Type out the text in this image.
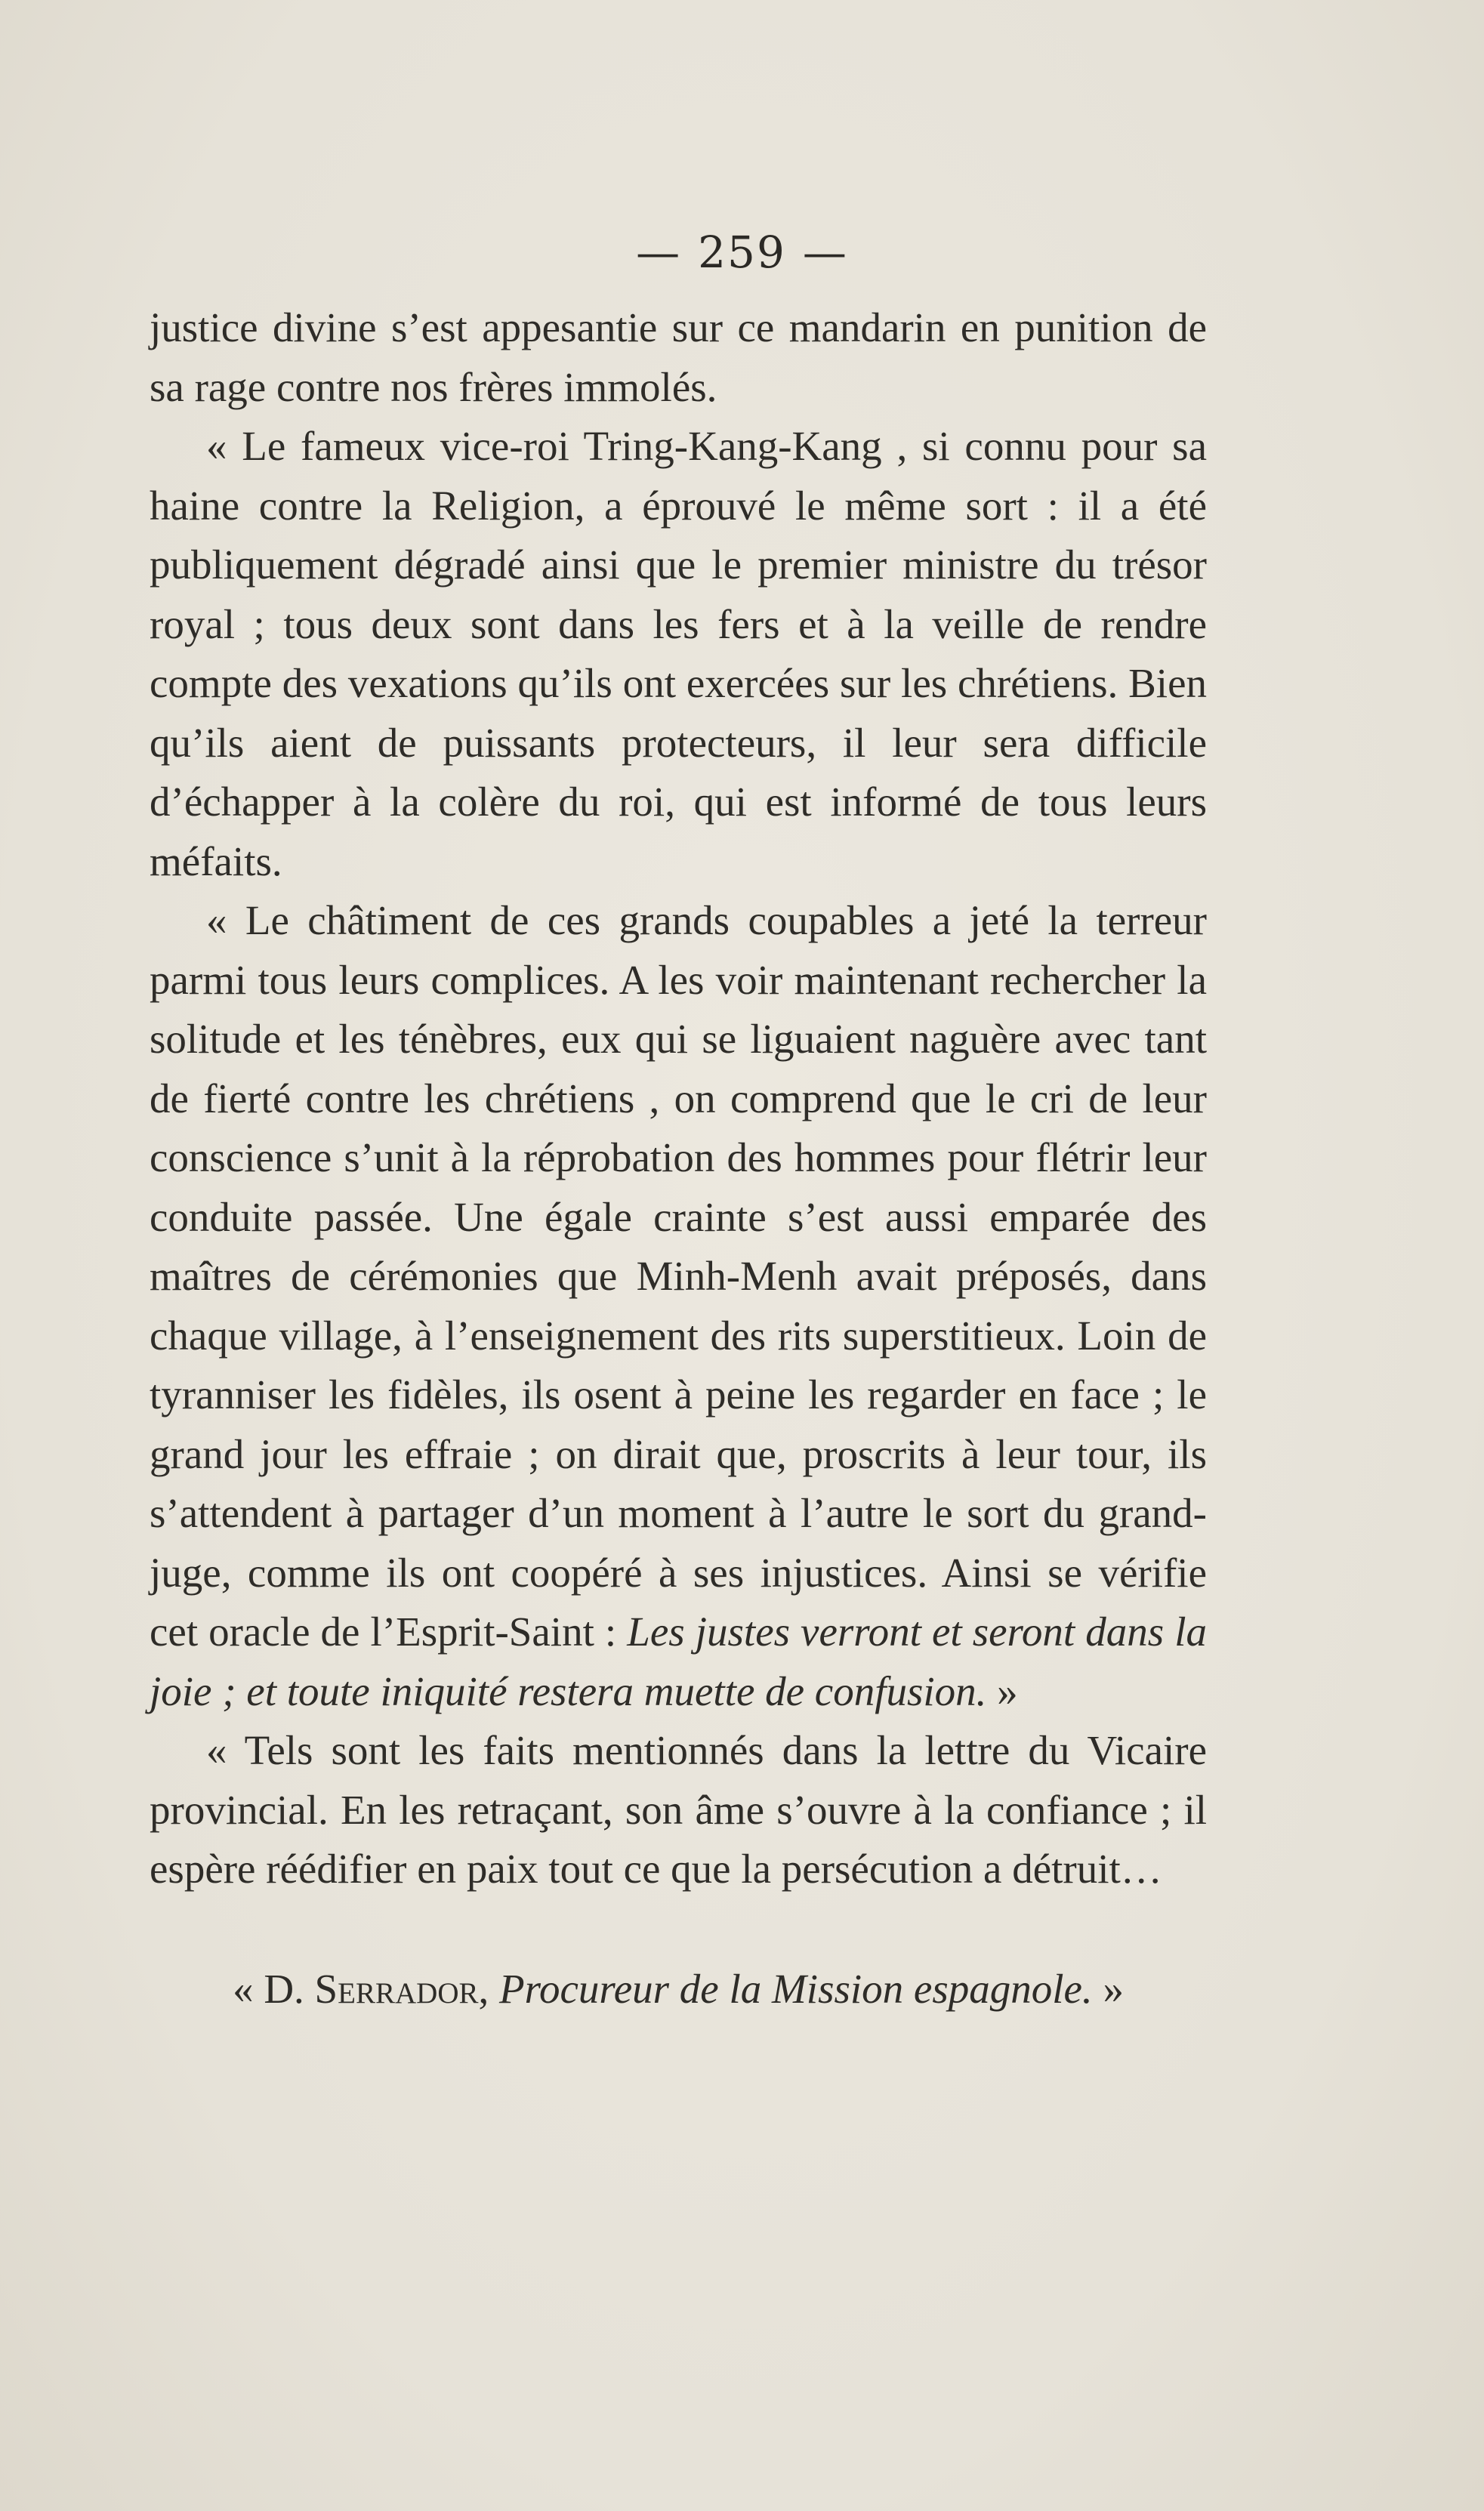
— 259 —

justice divine s’est appesantie sur ce mandarin en punition de sa rage contre nos frères immolés.

« Le fameux vice-roi Tring-Kang-Kang , si connu pour sa haine contre la Religion, a éprouvé le même sort : il a été publiquement dégradé ainsi que le premier ministre du trésor royal ; tous deux sont dans les fers et à la veille de rendre compte des vexations qu’ils ont exercées sur les chrétiens. Bien qu’ils aient de puissants protecteurs, il leur sera difficile d’échapper à la colère du roi, qui est informé de tous leurs méfaits.

« Le châtiment de ces grands coupables a jeté la terreur parmi tous leurs complices. A les voir maintenant rechercher la solitude et les ténèbres, eux qui se liguaient naguère avec tant de fierté contre les chrétiens , on comprend que le cri de leur conscience s’unit à la réprobation des hommes pour flétrir leur conduite passée. Une égale crainte s’est aussi emparée des maîtres de cérémonies que Minh-Menh avait préposés, dans chaque village, à l’enseignement des rits superstitieux. Loin de tyranniser les fidèles, ils osent à peine les regarder en face ; le grand jour les effraie ; on dirait que, proscrits à leur tour, ils s’attendent à partager d’un moment à l’autre le sort du grand-juge, comme ils ont coopéré à ses injustices. Ainsi se vérifie cet oracle de l’Esprit-Saint : Les justes verront et seront dans la joie ; et toute iniquité restera muette de confusion. »

« Tels sont les faits mentionnés dans la lettre du Vicaire provincial. En les retraçant, son âme s’ouvre à la confiance ; il espère réédifier en paix tout ce que la persécution a détruit…

« D. Serrador, Procureur de la Mission espagnole. »
